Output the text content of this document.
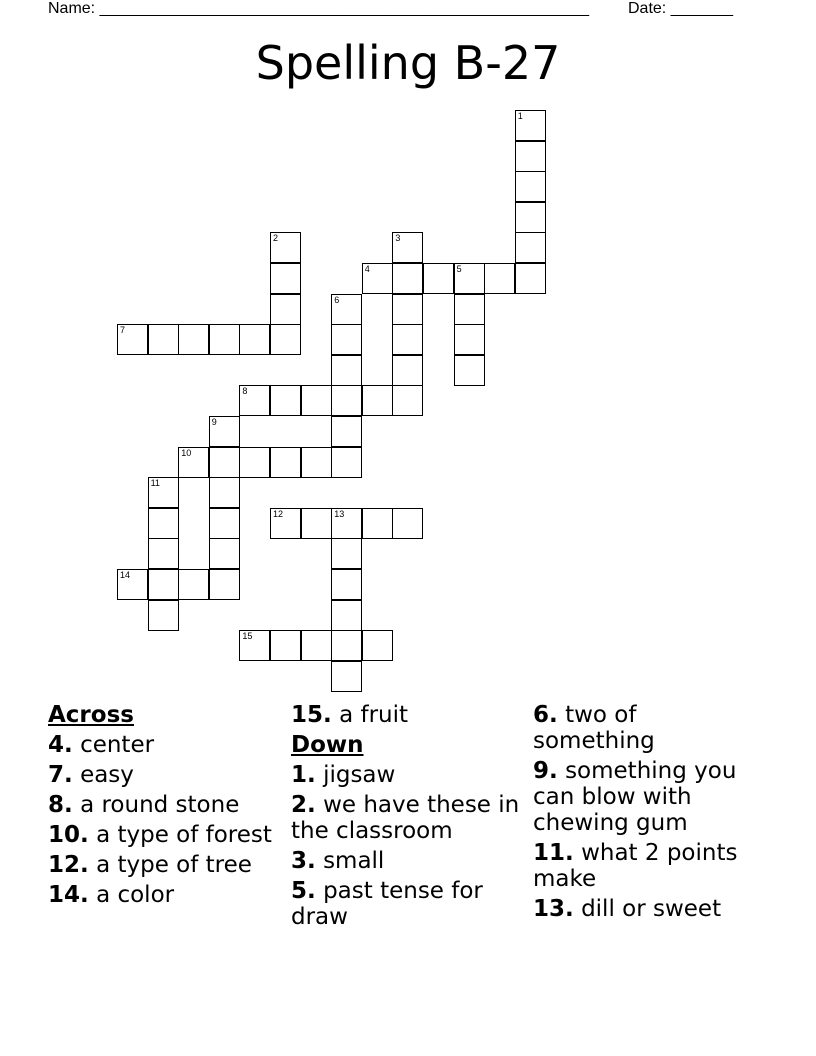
Name: _______________________________________________________ Date: _______
Spelling B-27
1
2	3
4	5
6
7
8
9
10
11
12	13
14
15
Across
4. center
7. easy
8. a round stone
10. a type of forest
12. a type of tree
14. a color
15. a fruit
Down
1. jigsaw
2. we have these in the classroom
3. small
5. past tense for draw
6. two of something
9. something you can blow with chewing gum
11. what 2 points make
13. dill or sweet
